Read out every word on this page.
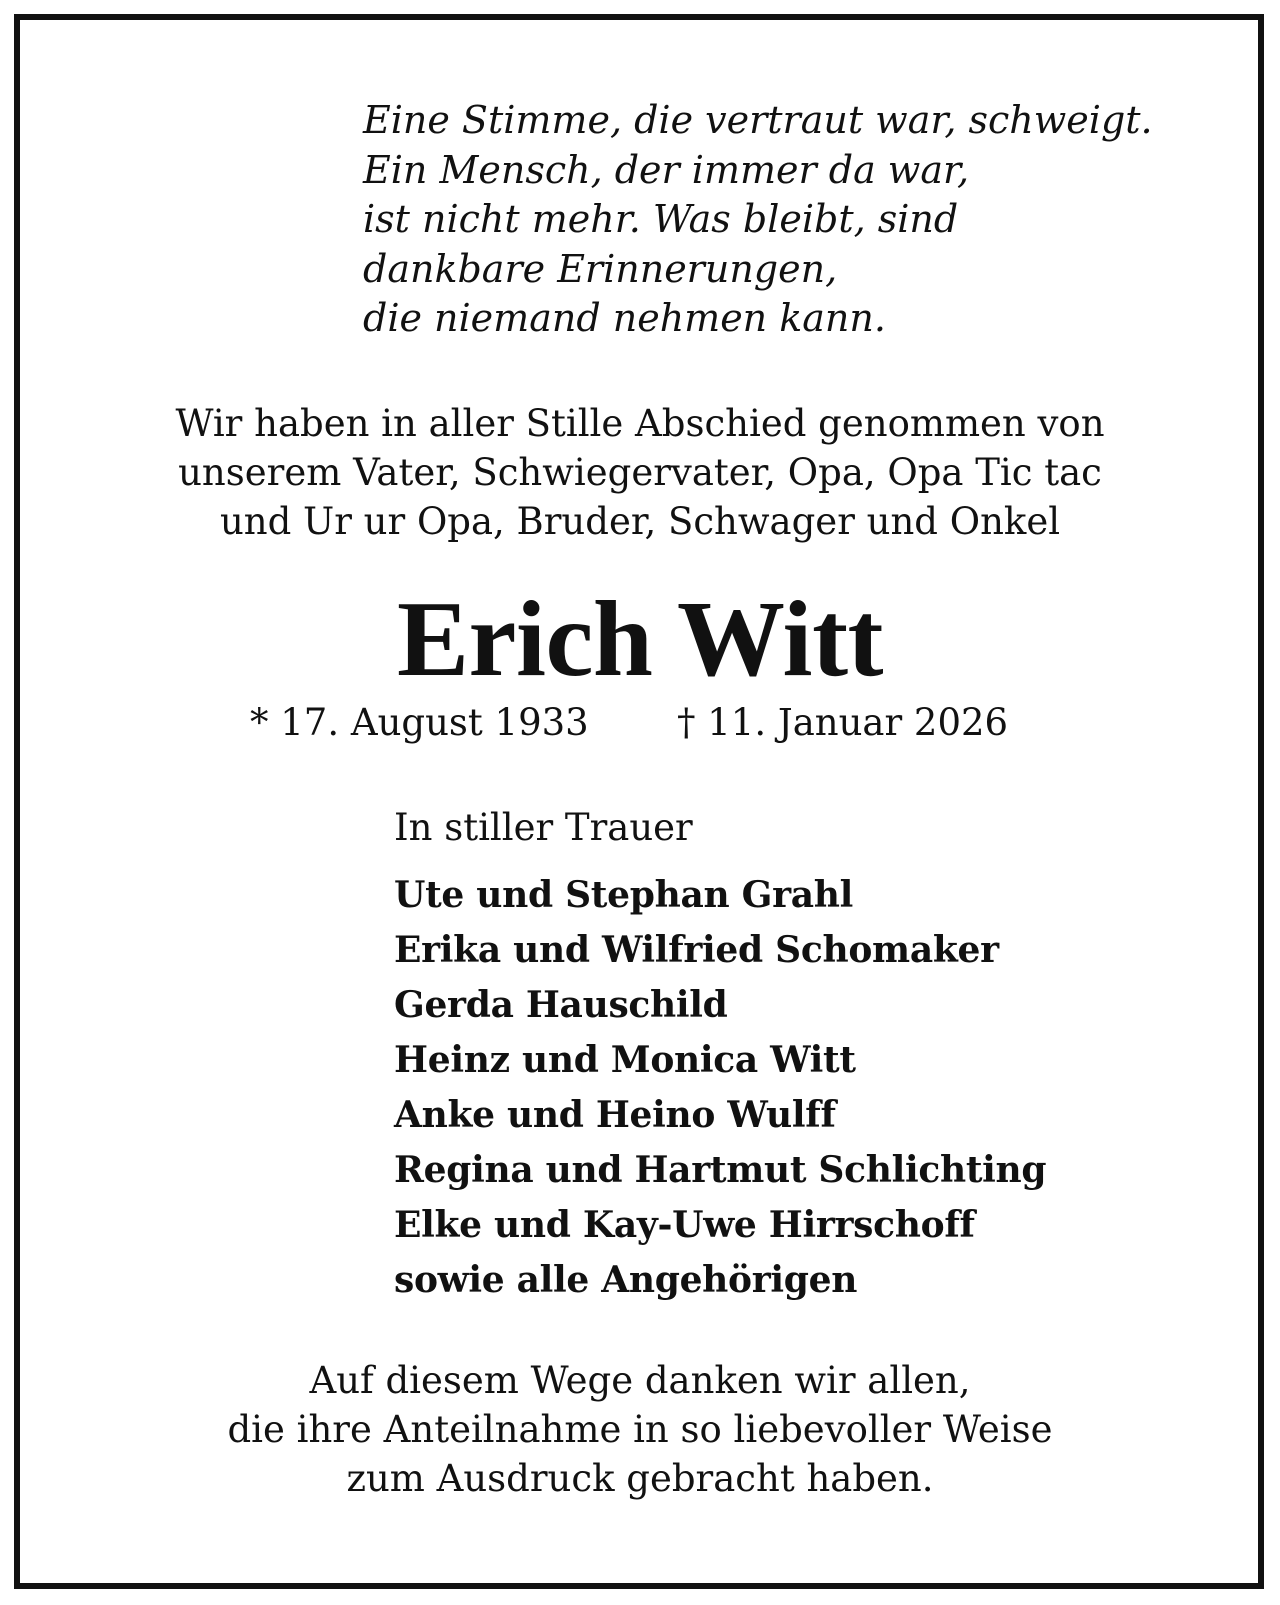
Eine Stimme, die vertraut war, schweigt.
Ein Mensch, der immer da war,
ist nicht mehr. Was bleibt, sind
dankbare Erinnerungen,
die niemand nehmen kann.
Wir haben in aller Stille Abschied genommen von
unserem Vater, Schwiegervater, Opa, Opa Tic tac
und Ur ur Opa, Bruder, Schwager und Onkel
Erich Witt
* 17. August 1933 † 11. Januar 2026
In stiller Trauer
Ute und Stephan Grahl
Erika und Wilfried Schomaker
Gerda Hauschild
Heinz und Monica Witt
Anke und Heino Wulff
Regina und Hartmut Schlichting
Elke und Kay-Uwe Hirrschoff
sowie alle Angehörigen
Auf diesem Wege danken wir allen,
die ihre Anteilnahme in so liebevoller Weise
zum Ausdruck gebracht haben.
